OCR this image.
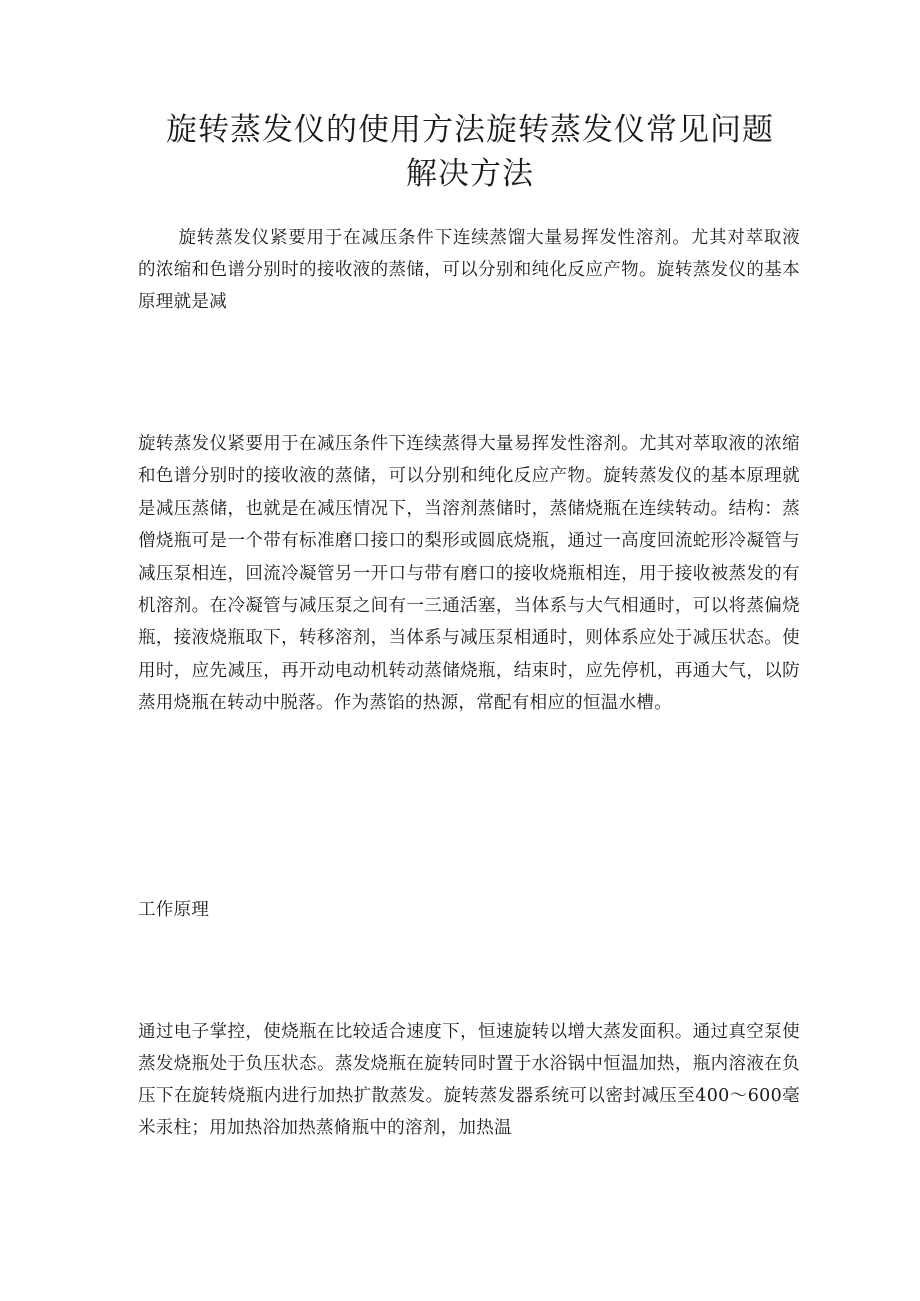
旋转蒸发仪的使用方法旋转蒸发仪常见问题
解决方法

旋转蒸发仪紧要用于在减压条件下连续蒸馏大量易挥发性溶剂。尤其对萃取液的浓缩和色谱分别时的接收液的蒸储，可以分别和纯化反应产物。旋转蒸发仪的基本原理就是减

旋转蒸发仪紧要用于在减压条件下连续蒸得大量易挥发性溶剂。尤其对萃取液的浓缩和色谱分别时的接收液的蒸储，可以分别和纯化反应产物。旋转蒸发仪的基本原理就是减压蒸储，也就是在减压情况下，当溶剂蒸储时，蒸储烧瓶在连续转动。结构：蒸僧烧瓶可是一个带有标准磨口接口的梨形或圆底烧瓶，通过一高度回流蛇形冷凝管与减压泵相连，回流冷凝管另一开口与带有磨口的接收烧瓶相连，用于接收被蒸发的有机溶剂。在冷凝管与减压泵之间有一三通活塞，当体系与大气相通时，可以将蒸偏烧瓶，接液烧瓶取下，转移溶剂，当体系与减压泵相通时，则体系应处于减压状态。使用时，应先减压，再开动电动机转动蒸储烧瓶，结束时，应先停机，再通大气，以防蒸用烧瓶在转动中脱落。作为蒸馅的热源，常配有相应的恒温水槽。

工作原理

通过电子掌控，使烧瓶在比较适合速度下，恒速旋转以增大蒸发面积。通过真空泵使蒸发烧瓶处于负压状态。蒸发烧瓶在旋转同时置于水浴锅中恒温加热，瓶内溶液在负压下在旋转烧瓶内进行加热扩散蒸发。旋转蒸发器系统可以密封减压至400～600毫米汞柱；用加热浴加热蒸脩瓶中的溶剂，加热温
